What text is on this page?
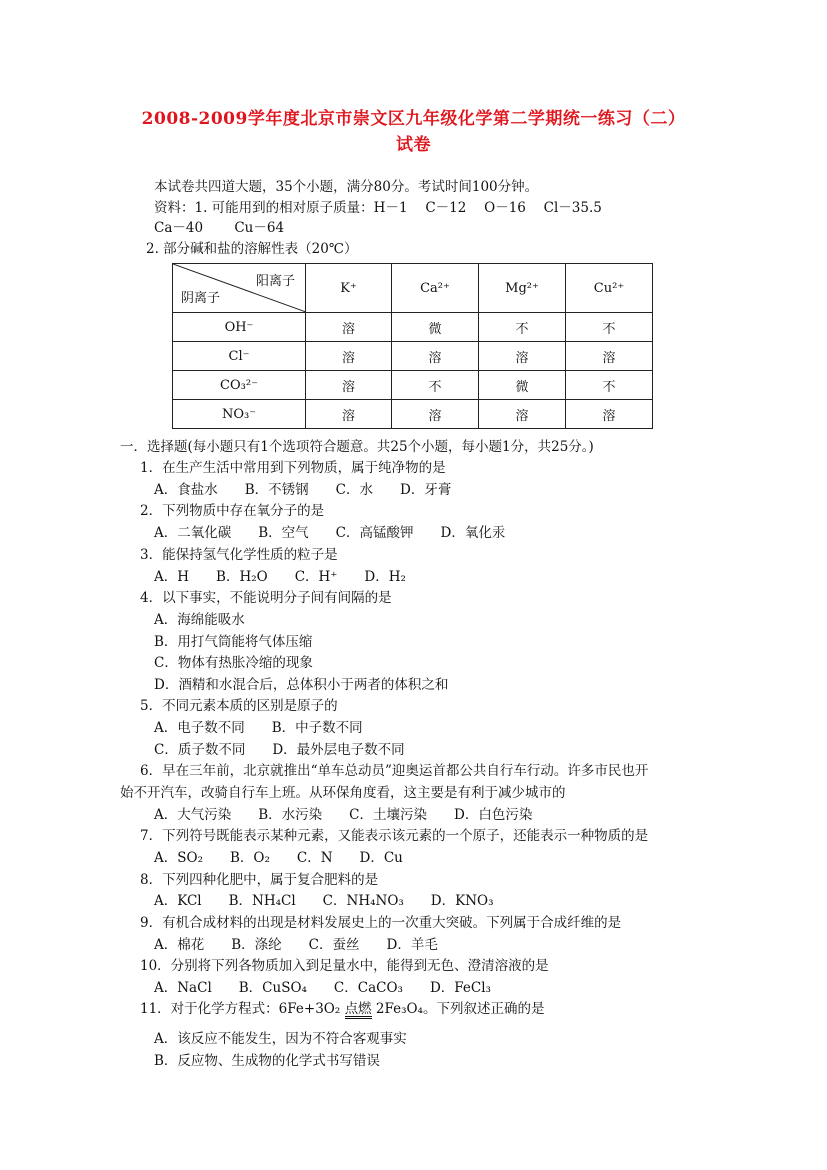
2008-2009学年度北京市崇文区九年级化学第二学期统一练习（二）
试卷
本试卷共四道大题，35个小题，满分80分。考试时间100分钟。
资料：1. 可能用到的相对原子质量：H－1　 C－12　 O－16　 Cl－35.5
Ca－40　　 Cu－64
2. 部分碱和盐的溶解性表（20℃）
阳离子
阴离子	K⁺	Ca²⁺	Mg²⁺	Cu²⁺
OH⁻	溶	微	不	不
Cl⁻	溶	溶	溶	溶
CO₃²⁻	溶	不	微	不
NO₃⁻	溶	溶	溶	溶
一．选择题(每小题只有1个选项符合题意。共25个小题，每小题1分，共25分。)
1．在生产生活中常用到下列物质，属于纯净物的是
A．食盐水　　B．不锈钢　　C．水　　D．牙膏
2．下列物质中存在氧分子的是
A．二氧化碳　　B．空气　　C．高锰酸钾　　D．氧化汞
3．能保持氢气化学性质的粒子是
A．H　　B．H₂O　　C．H⁺　　D．H₂
4．以下事实，不能说明分子间有间隔的是
A．海绵能吸水
B．用打气筒能将气体压缩
C．物体有热胀冷缩的现象
D．酒精和水混合后，总体积小于两者的体积之和
5．不同元素本质的区别是原子的
A．电子数不同　　B．中子数不同
C．质子数不同　　D．最外层电子数不同
6．早在三年前，北京就推出“单车总动员”迎奥运首都公共自行车行动。许多市民也开
始不开汽车，改骑自行车上班。从环保角度看，这主要是有利于减少城市的
A．大气污染　　B．水污染　　C．土壤污染　　D．白色污染
7．下列符号既能表示某种元素，又能表示该元素的一个原子，还能表示一种物质的是
A．SO₂　　B．O₂　　C．N　　D．Cu
8．下列四种化肥中，属于复合肥料的是
A．KCl　　B．NH₄Cl　　C．NH₄NO₃　　D．KNO₃
9．有机合成材料的出现是材料发展史上的一次重大突破。下列属于合成纤维的是
A．棉花　　B．涤纶　　C．蚕丝　　D．羊毛
10．分别将下列各物质加入到足量水中，能得到无色、澄清溶液的是
A．NaCl　　B．CuSO₄　　C．CaCO₃　　D．FeCl₃
11．对于化学方程式：6Fe+3O₂ 点燃 2Fe₃O₄。下列叙述正确的是
A．该反应不能发生，因为不符合客观事实
B．反应物、生成物的化学式书写错误
